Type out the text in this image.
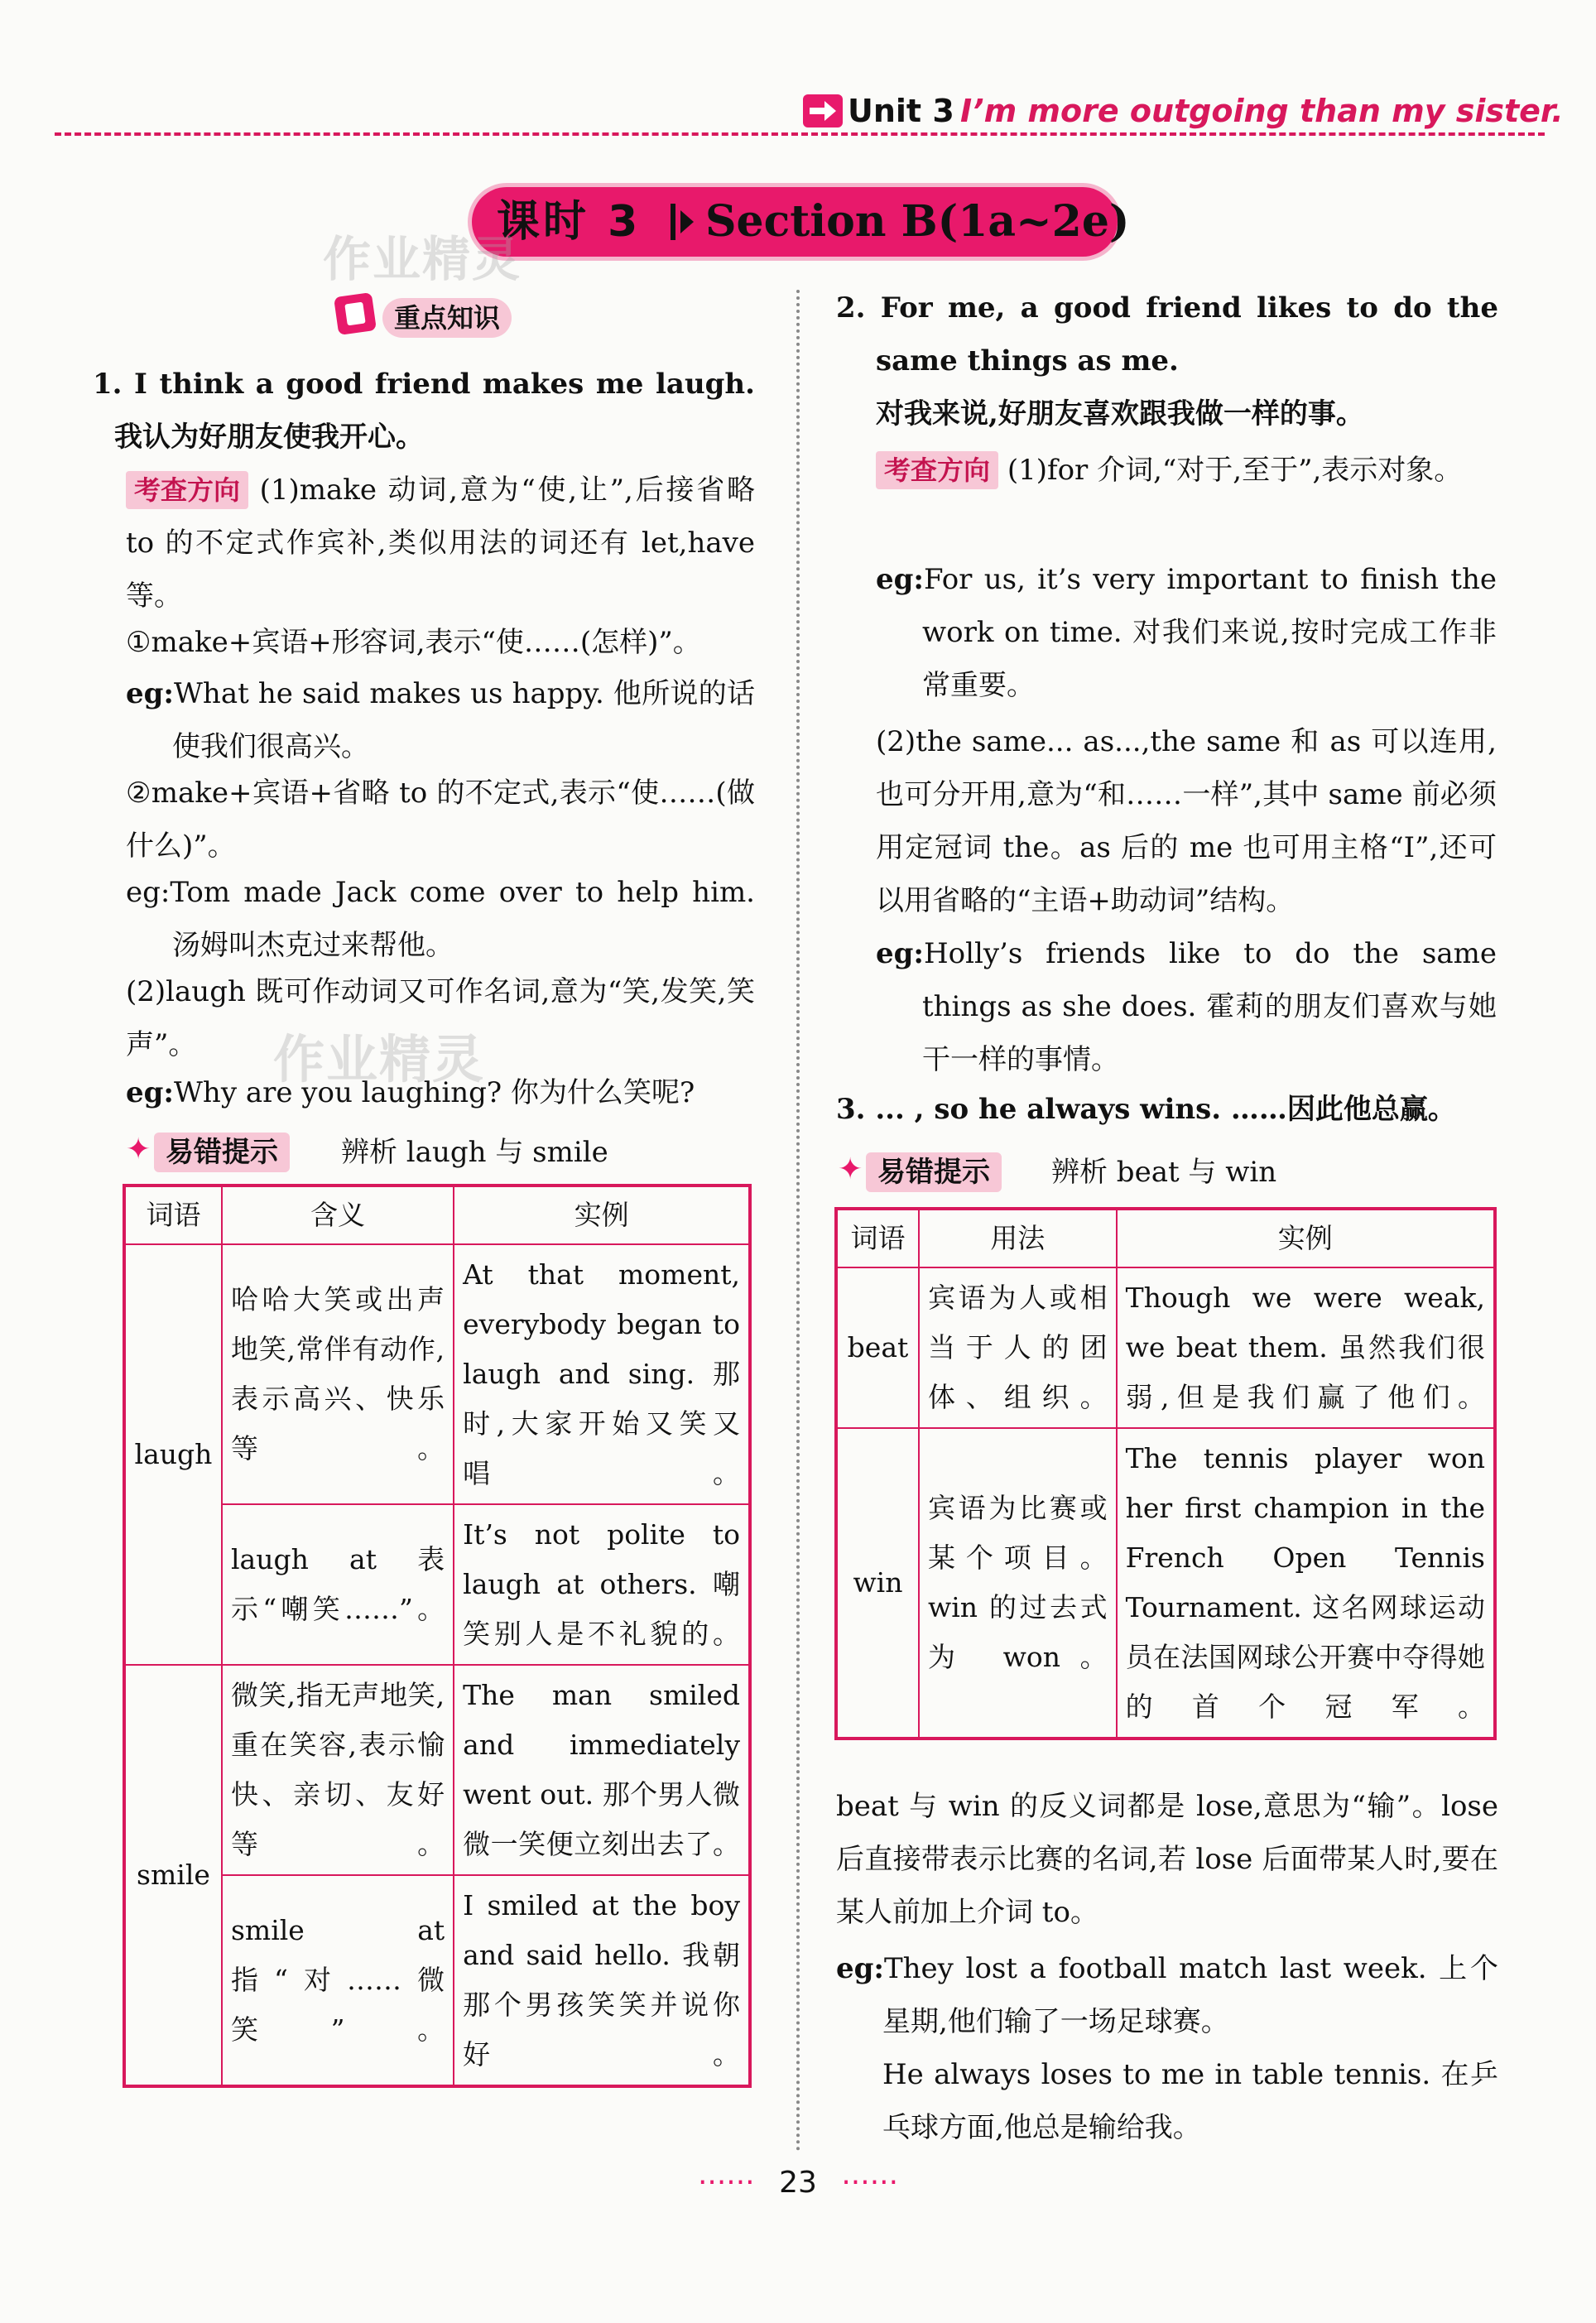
Unit 3 I’m more outgoing than my sister.
课时 3 Section B(1a~2e)
作业精灵
作业精灵
重点知识
1. I think a good friend makes me laugh. 我认为好朋友使我开心。
考查方向 (1)make 动词,意为“使,让”,后接省略 to 的不定式作宾补,类似用法的词还有 let,have 等。
①make+宾语+形容词,表示“使……(怎样)”。
eg:What he said makes us happy. 他所说的话使我们很高兴。
②make+宾语+省略 to 的不定式,表示“使……(做什么)”。
eg:Tom made Jack come over to help him. 汤姆叫杰克过来帮他。
(2)laugh 既可作动词又可作名词,意为“笑,发笑,笑声”。
eg:Why are you laughing? 你为什么笑呢?
✦ 易错提示	辨析 laugh 与 smile
词语	含义	实例
laugh	哈哈大笑或出声地笑,常伴有动作,表示高兴、快乐等。	At that moment, everybody began to laugh and sing. 那时,大家开始又笑又唱。
	laugh at 表示“嘲笑……”。	It’s not polite to laugh at others. 嘲笑别人是不礼貌的。
smile	微笑,指无声地笑,重在笑容,表示愉快、亲切、友好等。	The man smiled and immediately went out. 那个男人微微一笑便立刻出去了。
	smile at 指“对……微笑”。	I smiled at the boy and said hello. 我朝那个男孩笑笑并说你好。
2. For me, a good friend likes to do the same things as me.
对我来说,好朋友喜欢跟我做一样的事。
考查方向 (1)for 介词,“对于,至于”,表示对象。
eg:For us, it’s very important to finish the work on time. 对我们来说,按时完成工作非常重要。
(2)the same... as...,the same 和 as 可以连用,也可分开用,意为“和……一样”,其中 same 前必须用定冠词 the。as 后的 me 也可用主格“I”,还可以用省略的“主语+助动词”结构。
eg:Holly’s friends like to do the same things as she does. 霍莉的朋友们喜欢与她干一样的事情。
3. ... , so he always wins. ……因此他总赢。
✦ 易错提示	辨析 beat 与 win
词语	用法	实例
beat	宾语为人或相当于人的团体、组织。	Though we were weak, we beat them. 虽然我们很弱,但是我们赢了他们。
win	宾语为比赛或某个项目。win 的过去式为 won。	The tennis player won her first champion in the French Open Tennis Tournament. 这名网球运动员在法国网球公开赛中夺得她的首个冠军。
beat 与 win 的反义词都是 lose,意思为“输”。lose 后直接带表示比赛的名词,若 lose 后面带某人时,要在某人前加上介词 to。
eg:They lost a football match last week. 上个星期,他们输了一场足球赛。
He always loses to me in table tennis. 在乒乓球方面,他总是输给我。
······ 23 ······
